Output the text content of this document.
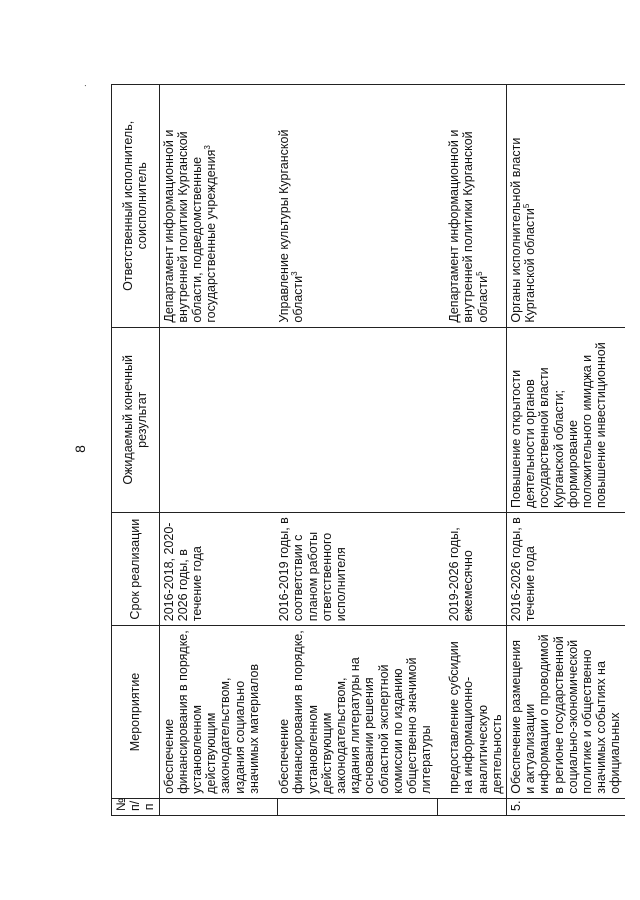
8
.
№ п/п	Мероприятие	Срок реализации	Ожидаемый конечный результат	Ответственный исполнитель, соисполнитель
	обеспечение финансирования в порядке, установленном действующим законодательством, издания социально значимых материалов	2016-2018, 2020-2026 годы, в течение года		Департамент информационной и внутренней политики Курганской области, подведомственные государственные учреждения$^3$
	обеспечение финансирования в порядке, установленном действующим законодательством, издания литературы на основании решения областной экспертной комиссии по изданию общественно значимой литературы	2016-2019 годы, в соответствии с планом работы ответственного исполнителя		Управление культуры Курганской области$^3$
	предоставление субсидии на информационно-аналитическую деятельность	2019-2026 годы, ежемесячно		Департамент информационной и внутренней политики Курганской области$^5$
5.	Обеспечение размещения и актуализации информации о проводимой в регионе государственной социально-экономической политике и общественно значимых событиях на официальных	2016-2026 годы, в течение года	Повышение открытости деятельности органов государственной власти Курганской области; формирование положительного имиджа и повышение инвестиционной	Органы исполнительной власти Курганской области$^5$
